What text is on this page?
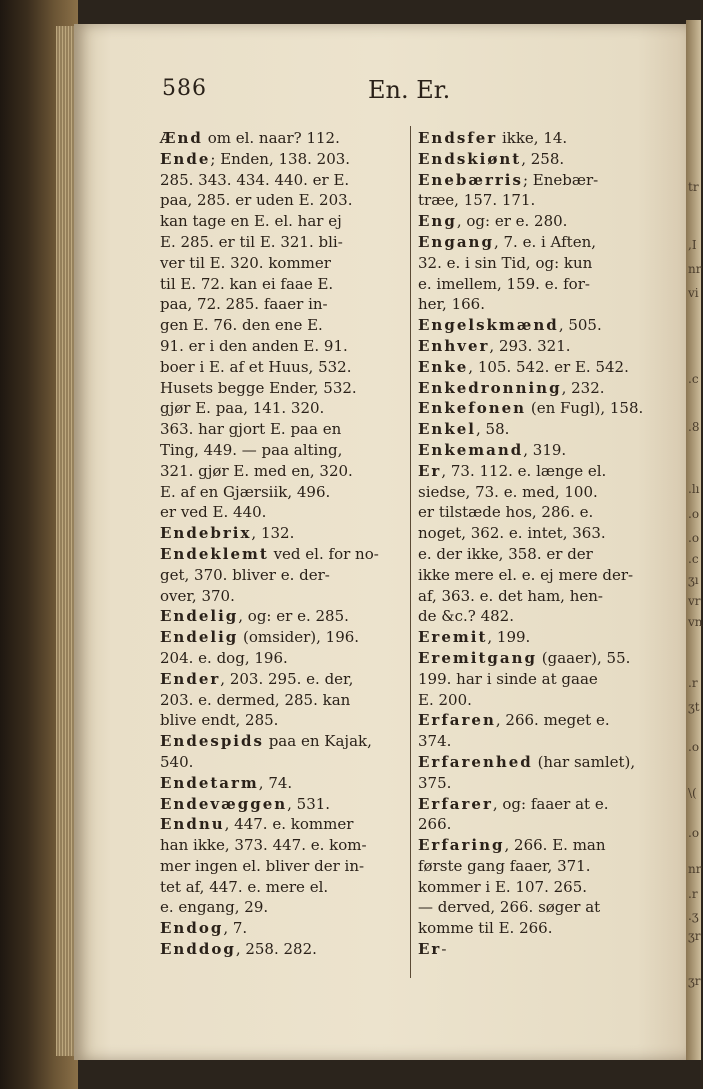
586	En. Er.
Ænd om el. naar? 112.
Ende; Enden, 138. 203.
285. 343. 434. 440. er E.
paa, 285. er uden E. 203.
kan tage en E. el. har ej
E. 285. er til E. 321. bli-
ver til E. 320. kommer
til E. 72. kan ei faae E.
paa, 72. 285. faaer in-
gen E. 76. den ene E.
91. er i den anden E. 91.
boer i E. af et Huus, 532.
Husets begge Ender, 532.
gjør E. paa, 141. 320.
363. har gjort E. paa en
Ting, 449. — paa alting,
321. gjør E. med en, 320.
E. af en Gjærsiik, 496.
er ved E. 440.
Endebrix, 132.
Endeklemt ved el. for no-
get, 370. bliver e. der-
over, 370.
Endelig, og: er e. 285.
Endelig (omsider), 196.
204. e. dog, 196.
Ender, 203. 295. e. der,
203. e. dermed, 285. kan
blive endt, 285.
Endespids paa en Kajak,
540.
Endetarm, 74.
Endevæggen, 531.
Endnu, 447. e. kommer
han ikke, 373. 447. e. kom-
mer ingen el. bliver der in-
tet af, 447. e. mere el.
e. engang, 29.
Endog, 7.
Enddog, 258. 282.
Endsfer ikke, 14.
Endskiønt, 258.
Enebærris; Enebær-
træe, 157. 171.
Eng, og: er e. 280.
Engang, 7. e. i Aften,
32. e. i sin Tid, og: kun
e. imellem, 159. e. for-
her, 166.
Engelskmænd, 505.
Enhver, 293. 321.
Enke, 105. 542. er E. 542.
Enkedronning, 232.
Enkefonen (en Fugl), 158.
Enkel, 58.
Enkemand, 319.
Er, 73. 112. e. længe el.
siedse, 73. e. med, 100.
er tilstæde hos, 286. e.
noget, 362. e. intet, 363.
e. der ikke, 358. er der
ikke mere el. e. ej mere der-
af, 363. e. det ham, hen-
de &c.? 482.
Eremit, 199.
Eremitgang (gaaer), 55.
199. har i sinde at gaae
E. 200.
Erfaren, 266. meget e.
374.
Erfarenhed (har samlet),
375.
Erfarer, og: faaer at e.
266.
Erfaring, 266. E. man
første gang faaer, 371.
kommer i E. 107. 265.
— derved, 266. søger at
komme til E. 266.
Er-
tr
,I
nr
vi
.c
.8
.lı
.o
.o
.c
ʒı
vr
vn
.r
ʒt
.o
\(
.o
nr
.r
.ʒ
ʒr
ʒr
